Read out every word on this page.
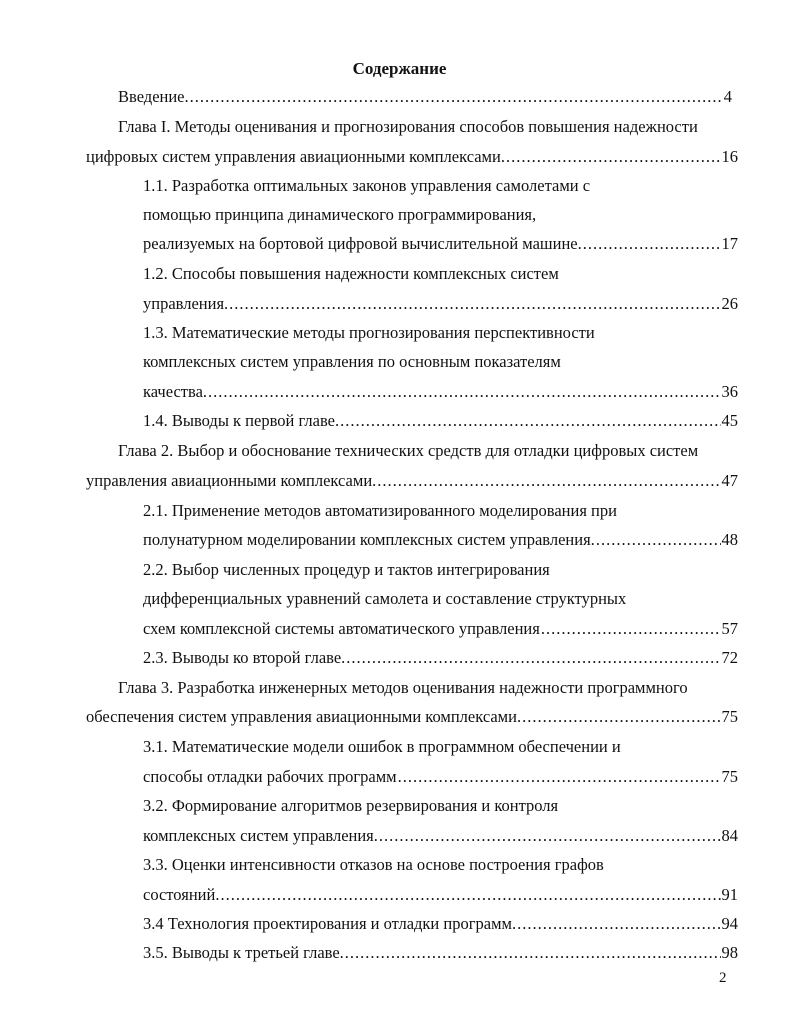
Содержание
Введение. .....	4
Глава I. Методы оценивания и прогнозирования способов повышения надежности
цифровых систем управления авиационными комплексами. .....	16
1.1. Разработка оптимальных законов управления самолетами с
помощью принципа динамического программирования,
реализуемых на бортовой цифровой вычислительной машине. .....	17
1.2. Способы повышения надежности комплексных систем
управления. .....	26
1.3. Математические методы прогнозирования перспективности
комплексных систем управления по основным показателям
качества. .....	36
1.4. Выводы к первой главе. .....	45
Глава 2. Выбор и обоснование технических средств для отладки цифровых систем
управления авиационными комплексами. .....	47
2.1. Применение методов автоматизированного моделирования при
полунатурном моделировании комплексных систем управления. .....	48
2.2. Выбор численных процедур и тактов интегрирования
дифференциальных уравнений самолета и составление структурных
схем комплексной системы автоматического управления .....	57
2.3. Выводы ко второй главе. .....	72
Глава 3. Разработка инженерных методов оценивания надежности программного
обеспечения систем управления авиационными комплексами. .....	75
3.1. Математические модели ошибок в программном обеспечении и
способы отладки рабочих программ .....	75
3.2. Формирование алгоритмов резервирования и контроля
комплексных систем управления. .....	84
3.3. Оценки интенсивности отказов на основе построения графов
состояний. .....	91
3.4 Технология проектирования и отладки программ. .....	94
3.5. Выводы к третьей главе. .....	98
2
